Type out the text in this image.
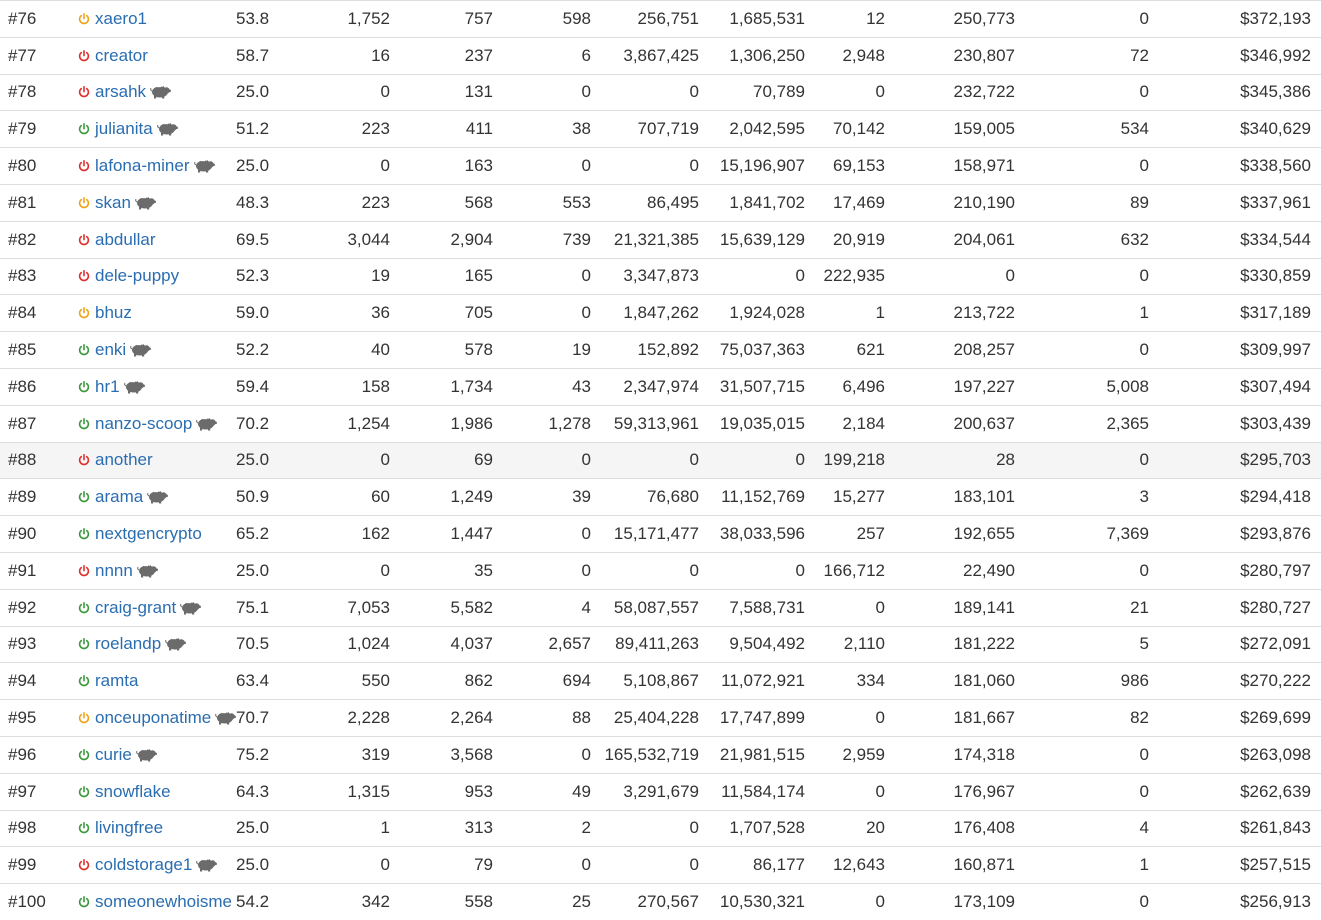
#76	xaero1	53.8	1,752	757	598	256,751	1,685,531	12	250,773	0	$372,193
#77	creator	58.7	16	237	6	3,867,425	1,306,250	2,948	230,807	72	$346,992
#78	arsahk	25.0	0	131	0	0	70,789	0	232,722	0	$345,386
#79	julianita	51.2	223	411	38	707,719	2,042,595	70,142	159,005	534	$340,629
#80	lafona-miner	25.0	0	163	0	0	15,196,907	69,153	158,971	0	$338,560
#81	skan	48.3	223	568	553	86,495	1,841,702	17,469	210,190	89	$337,961
#82	abdullar	69.5	3,044	2,904	739	21,321,385	15,639,129	20,919	204,061	632	$334,544
#83	dele-puppy	52.3	19	165	0	3,347,873	0	222,935	0	0	$330,859
#84	bhuz	59.0	36	705	0	1,847,262	1,924,028	1	213,722	1	$317,189
#85	enki	52.2	40	578	19	152,892	75,037,363	621	208,257	0	$309,997
#86	hr1	59.4	158	1,734	43	2,347,974	31,507,715	6,496	197,227	5,008	$307,494
#87	nanzo-scoop	70.2	1,254	1,986	1,278	59,313,961	19,035,015	2,184	200,637	2,365	$303,439
#88	another	25.0	0	69	0	0	0	199,218	28	0	$295,703
#89	arama	50.9	60	1,249	39	76,680	11,152,769	15,277	183,101	3	$294,418
#90	nextgencrypto	65.2	162	1,447	0	15,171,477	38,033,596	257	192,655	7,369	$293,876
#91	nnnn	25.0	0	35	0	0	0	166,712	22,490	0	$280,797
#92	craig-grant	75.1	7,053	5,582	4	58,087,557	7,588,731	0	189,141	21	$280,727
#93	roelandp	70.5	1,024	4,037	2,657	89,411,263	9,504,492	2,110	181,222	5	$272,091
#94	ramta	63.4	550	862	694	5,108,867	11,072,921	334	181,060	986	$270,222
#95	onceuponatime	70.7	2,228	2,264	88	25,404,228	17,747,899	0	181,667	82	$269,699
#96	curie	75.2	319	3,568	0	165,532,719	21,981,515	2,959	174,318	0	$263,098
#97	snowflake	64.3	1,315	953	49	3,291,679	11,584,174	0	176,967	0	$262,639
#98	livingfree	25.0	1	313	2	0	1,707,528	20	176,408	4	$261,843
#99	coldstorage1	25.0	0	79	0	0	86,177	12,643	160,871	1	$257,515
#100	someonewhoisme	54.2	342	558	25	270,567	10,530,321	0	173,109	0	$256,913
